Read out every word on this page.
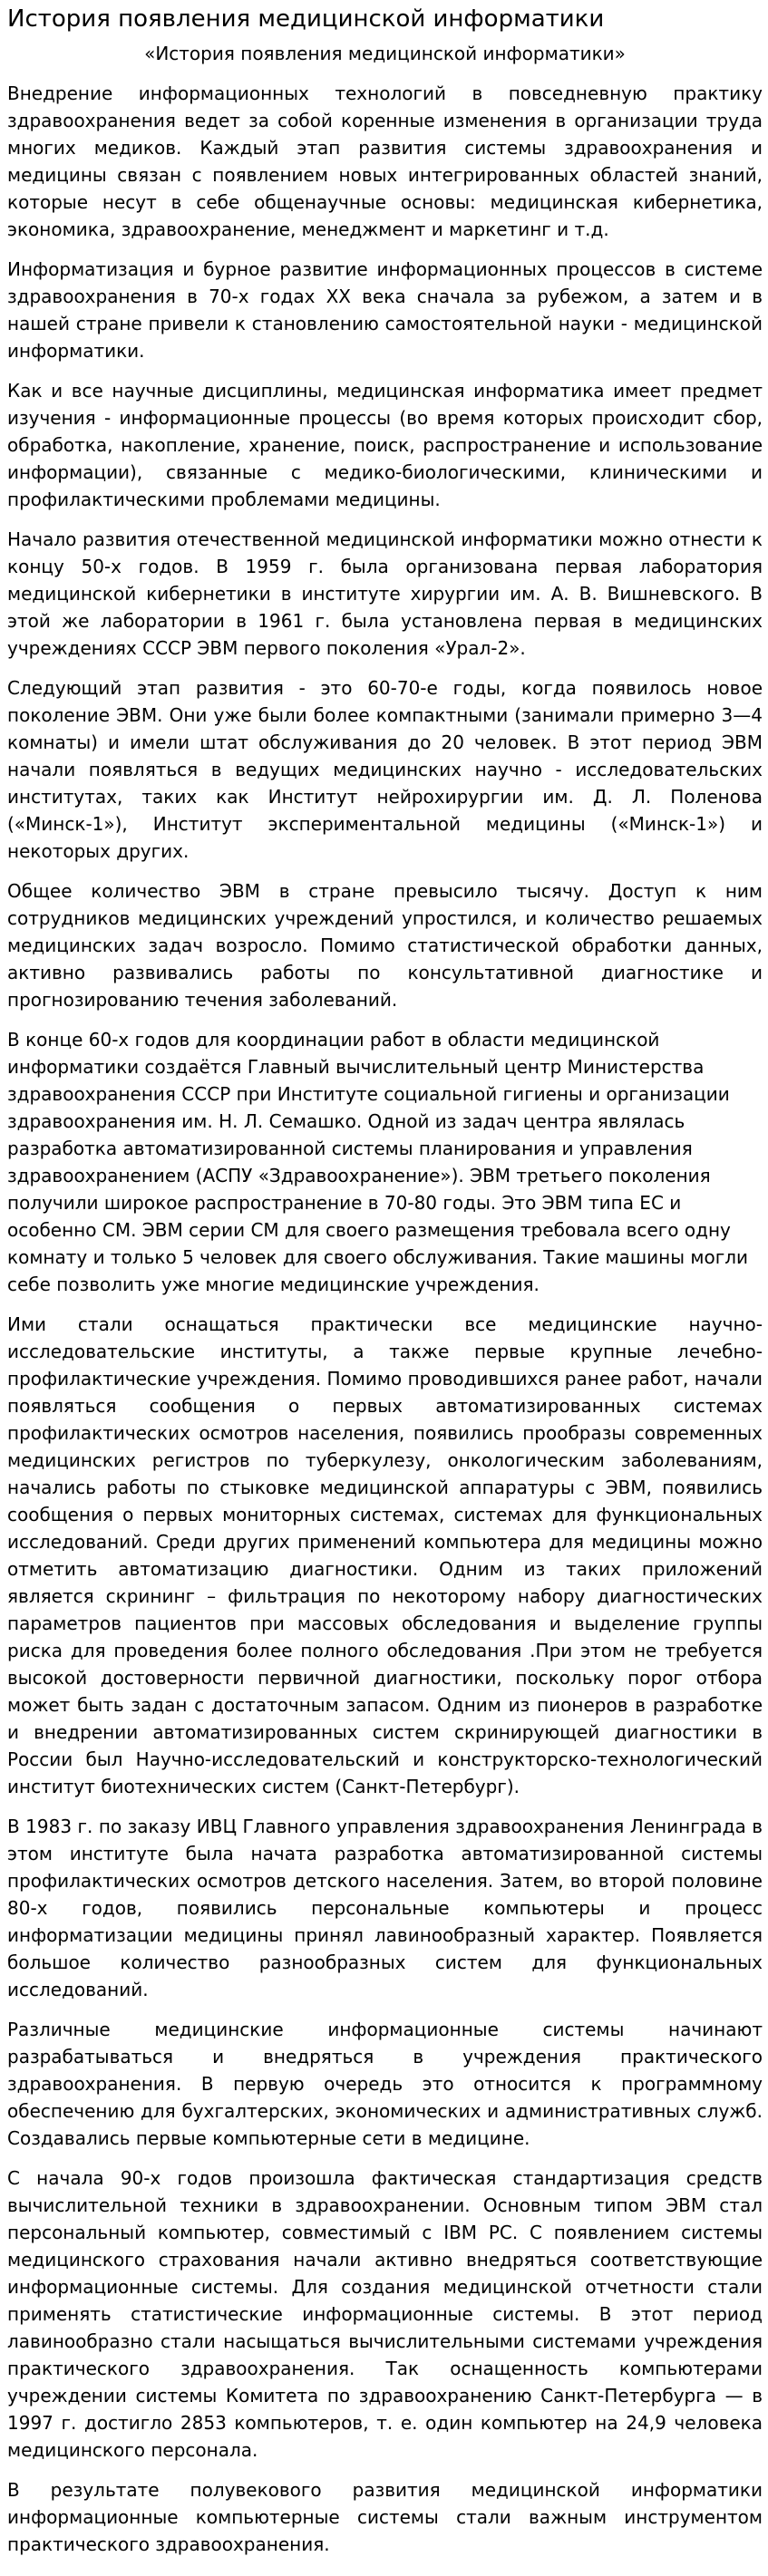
История появления медицинской информатики
«История появления медицинской информатики»

Внедрение информационных технологий в повседневную практику здравоохранения ведет за собой коренные изменения в организации труда многих медиков. Каждый этап развития системы здравоохранения и медицины связан с появлением новых интегрированных областей знаний, которые несут в себе общенаучные основы: медицинская кибернетика, экономика, здравоохранение, менеджмент и маркетинг и т.д.

Информатизация и бурное развитие информационных процессов в системе здравоохранения в 70-х годах XX века сначала за рубежом, а затем и в нашей стране привели к становлению самостоятельной науки - медицинской информатики.

Как и все научные дисциплины, медицинская информатика имеет предмет изучения - информационные процессы (во время которых происходит сбор, обработка, накопление, хранение, поиск, распространение и использование информации), связанные с медико-биологическими, клиническими и профилактическими проблемами медицины.

Начало развития отечественной медицинской информатики можно отнести к концу 50-х годов. В 1959 г. была организована первая лаборатория медицинской кибернетики в институте хирургии им. А. В. Вишневского. В этой же лаборатории в 1961 г. была установлена первая в медицинских учреждениях СССР ЭВМ первого поколения «Урал-2».

Следующий этап развития - это 60-70-е годы, когда появилось новое поколение ЭВМ. Они уже были более компактными (занимали примерно 3—4 комнаты) и имели штат обслуживания до 20 человек. В этот период ЭВМ начали появляться в ведущих медицинских научно - исследовательских институтах, таких как Институт нейрохирургии им. Д. Л. Поленова («Минск-1»), Институт экспериментальной медицины («Минск-1») и некоторых других.

Общее количество ЭВМ в стране превысило тысячу. Доступ к ним сотрудников медицинских учреждений упростился, и количество решаемых медицинских задач возросло. Помимо статистической обработки данных, активно развивались работы по консультативной диагностике и прогнозированию течения заболеваний.

В конце 60-х годов для координации работ в области медицинской информатики создаётся Главный вычислительный центр Министерства здравоохранения СССР при Институте социальной гигиены и организации здравоохранения им. Н. Л. Семашко. Одной из задач центра являлась разработка автоматизированной системы планирования и управления здравоохранением (АСПУ «Здравоохранение»). ЭВМ третьего поколения получили широкое распространение в 70-80 годы. Это ЭВМ типа ЕС и особенно СМ. ЭВМ серии СМ для своего размещения требовала всего одну комнату и только 5 человек для своего обслуживания. Такие машины могли себе позволить уже многие медицинские учреждения.

Ими стали оснащаться практически все медицинские научно-исследовательские институты, а также первые крупные лечебно-профилактические учреждения. Помимо проводившихся ранее работ, начали появляться сообщения о первых автоматизированных системах профилактических осмотров населения, появились прообразы современных медицинских регистров по туберкулезу, онкологическим заболеваниям, начались работы по стыковке медицинской аппаратуры с ЭВМ, появились сообщения о первых мониторных системах, системах для функциональных исследований. Среди других применений компьютера для медицины можно отметить автоматизацию диагностики. Одним из таких приложений является скрининг – фильтрация по некоторому набору диагностических параметров пациентов при массовых обследования и выделение группы риска для проведения более полного обследования .При этом не требуется высокой достоверности первичной диагностики, поскольку порог отбора может быть задан с достаточным запасом. Одним из пионеров в разработке и внедрении автоматизированных систем скринирующей диагностики в России был Научно-исследовательский и конструкторско-технологический институт биотехнических систем (Санкт-Петербург).

В 1983 г. по заказу ИВЦ Главного управления здравоохранения Ленинграда в этом институте была начата разработка автоматизированной системы профилактических осмотров детского населения. Затем, во второй половине 80-х годов, появились персональные компьютеры и процесс информатизации медицины принял лавинообразный характер. Появляется большое количество разнообразных систем для функциональных исследований.

Различные медицинские информационные системы начинают разрабатываться и внедряться в учреждения практического здравоохранения. В первую очередь это относится к программному обеспечению для бухгалтерских, экономических и административных служб. Создавались первые компьютерные сети в медицине.

С начала 90-х годов произошла фактическая стандартизация средств вычислительной техники в здравоохранении. Основным типом ЭВМ стал персональный компьютер, совместимый с IBM PC. С появлением системы медицинского страхования начали активно внедряться соответствующие информационные системы. Для создания медицинской отчетности стали применять статистические информационные системы. В этот период лавинообразно стали насыщаться вычислительными системами учреждения практического здравоохранения. Так оснащенность компьютерами учреждении системы Комитета по здравоохранению Санкт-Петербурга — в 1997 г. достигло 2853 компьютеров, т. е. один компьютер на 24,9 человека медицинского персонала.

В результате полувекового развития медицинской информатики информационные компьютерные системы стали важным инструментом практического здравоохранения.
